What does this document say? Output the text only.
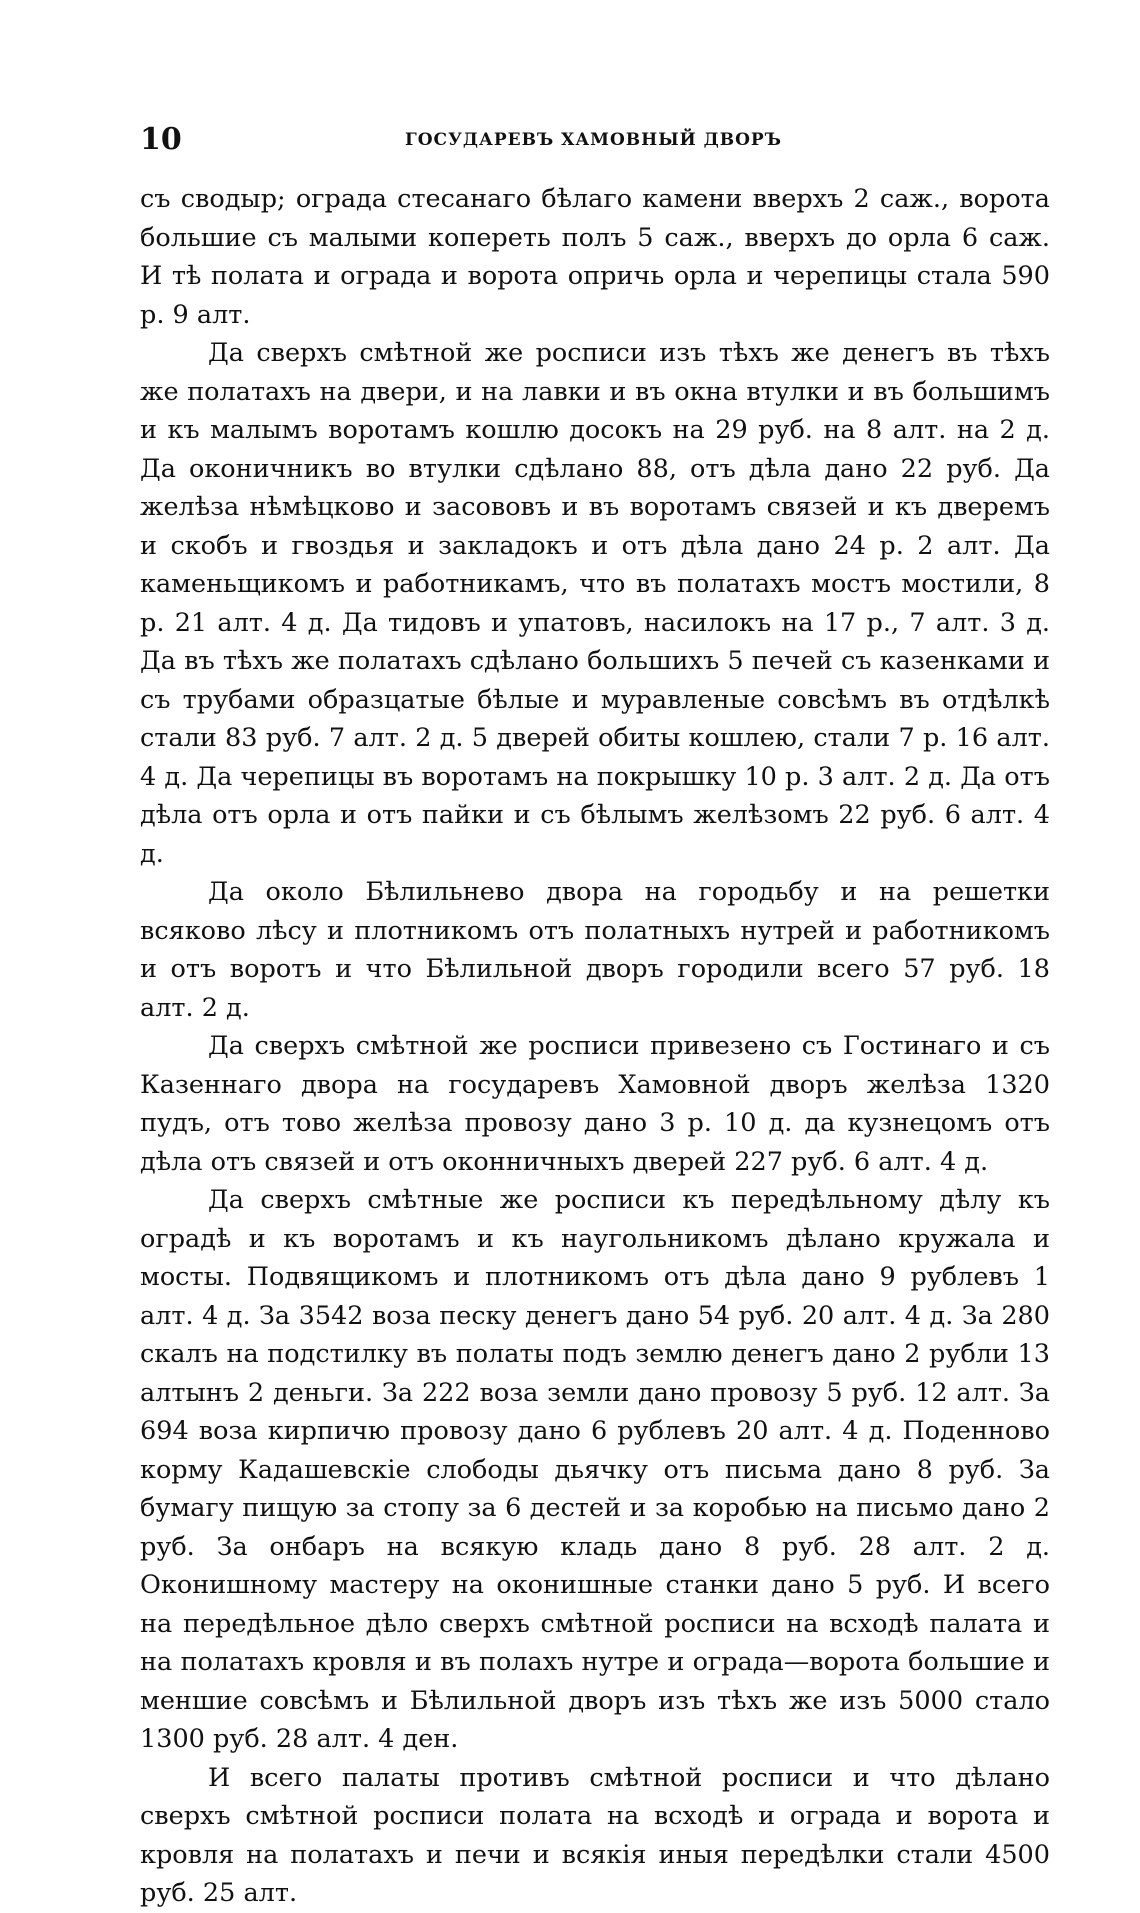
10	ГОСУДАРЕВЪ ХАМОВНЫЙ ДВОРЪ

съ сводыр; ограда стесанаго бѣлаго камени вверхъ 2 саж., ворота большие съ малыми копереть полъ 5 саж., вверхъ до орла 6 саж. И тѣ полата и ограда и ворота опричь орла и черепицы стала 590 р. 9 алт.

Да сверхъ смѣтной же росписи изъ тѣхъ же денегъ въ тѣхъ же полатахъ на двери, и на лавки и въ окна втулки и въ большимъ и къ малымъ воротамъ кошлю досокъ на 29 руб. на 8 алт. на 2 д. Да оконичникъ во втулки сдѣлано 88, отъ дѣла дано 22 руб. Да желѣза нѣмѣцково и засововъ и въ воротамъ связей и къ дверемъ и скобъ и гвоздья и закладокъ и отъ дѣла дано 24 р. 2 алт. Да каменьщикомъ и работникамъ, что въ полатахъ мостъ мостили, 8 р. 21 алт. 4 д. Да тидовъ и упатовъ, насилокъ на 17 р., 7 алт. 3 д. Да въ тѣхъ же полатахъ сдѣлано большихъ 5 печей съ казенками и съ трубами образцатые бѣлые и муравленые совсѣмъ въ отдѣлкѣ стали 83 руб. 7 алт. 2 д. 5 дверей обиты кошлею, стали 7 р. 16 алт. 4 д. Да черепицы въ воротамъ на покрышку 10 р. 3 алт. 2 д. Да отъ дѣла отъ орла и отъ пайки и съ бѣлымъ желѣзомъ 22 руб. 6 алт. 4 д.

Да около Бѣлильнево двора на городьбу и на решетки всяково лѣсу и плотникомъ отъ полатныхъ нутрей и работникомъ и отъ воротъ и что Бѣлильной дворъ городили всего 57 руб. 18 алт. 2 д.

Да сверхъ смѣтной же росписи привезено съ Гостинаго и съ Казеннаго двора на государевъ Хамовной дворъ желѣза 1320 пудъ, отъ тово желѣза провозу дано 3 р. 10 д. да кузнецомъ отъ дѣла отъ связей и отъ оконничныхъ дверей 227 руб. 6 алт. 4 д.

Да сверхъ смѣтные же росписи къ передѣльному дѣлу къ оградѣ и къ воротамъ и къ наугольникомъ дѣлано кружала и мосты. Подвящикомъ и плотникомъ отъ дѣла дано 9 рублевъ 1 алт. 4 д. За 3542 воза песку денегъ дано 54 руб. 20 алт. 4 д. За 280 скалъ на подстилку въ полаты подъ землю денегъ дано 2 рубли 13 алтынъ 2 деньги. За 222 воза земли дано провозу 5 руб. 12 алт. За 694 воза кирпичю провозу дано 6 рублевъ 20 алт. 4 д. Поденново корму Кадашевскіе слободы дьячку отъ письма дано 8 руб. За бумагу пищую за стопу за 6 дестей и за коробью на письмо дано 2 руб. За онбаръ на всякую кладь дано 8 руб. 28 алт. 2 д. Оконишному мастеру на оконишные станки дано 5 руб. И всего на передѣльное дѣло сверхъ смѣтной росписи на всходѣ палата и на полатахъ кровля и въ полахъ нутре и ограда—ворота большие и меншие совсѣмъ и Бѣлильной дворъ изъ тѣхъ же изъ 5000 стало 1300 руб. 28 алт. 4 ден.

И всего палаты противъ смѣтной росписи и что дѣлано сверхъ смѣтной росписи полата на всходѣ и ограда и ворота и кровля на полатахъ и печи и всякія иныя передѣлки стали 4500 руб. 25 алт.
